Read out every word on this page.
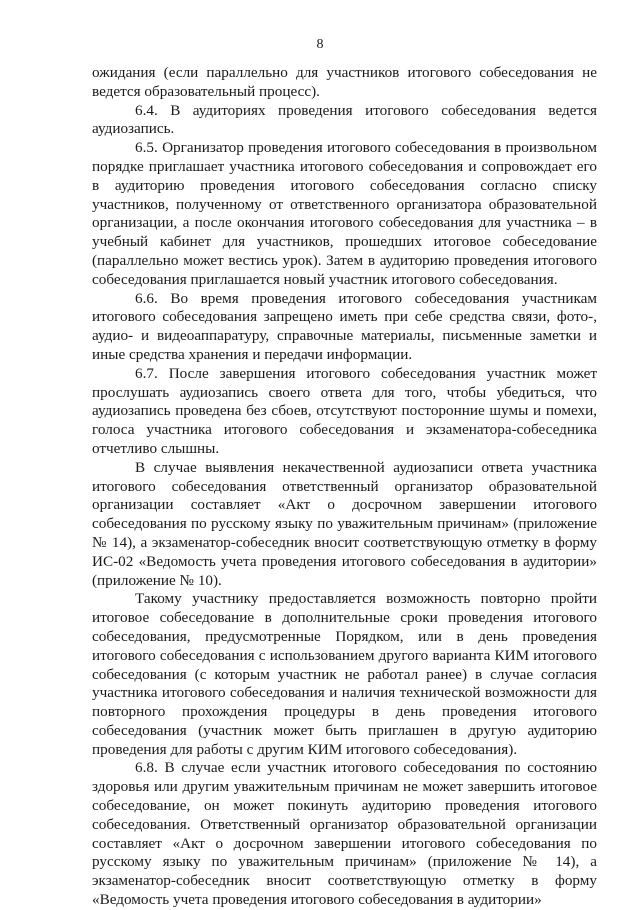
8

ожидания (если параллельно для участников итогового собеседования не ведется образовательный процесс).

6.4. В аудиториях проведения итогового собеседования ведется аудиозапись.

6.5. Организатор проведения итогового собеседования в произвольном порядке приглашает участника итогового собеседования и сопровождает его в аудиторию проведения итогового собеседования согласно списку участников, полученному от ответственного организатора образовательной организации, а после окончания итогового собеседования для участника – в учебный кабинет для участников, прошедших итоговое собеседование (параллельно может вестись урок). Затем в аудиторию проведения итогового собеседования приглашается новый участник итогового собеседования.

6.6. Во время проведения итогового собеседования участникам итогового собеседования запрещено иметь при себе средства связи, фото-, аудио- и видеоаппаратуру, справочные материалы, письменные заметки и иные средства хранения и передачи информации.

6.7. После завершения итогового собеседования участник может прослушать аудиозапись своего ответа для того, чтобы убедиться, что аудиозапись проведена без сбоев, отсутствуют посторонние шумы и помехи, голоса участника итогового собеседования и экзаменатора-собеседника отчетливо слышны.

В случае выявления некачественной аудиозаписи ответа участника итогового собеседования ответственный организатор образовательной организации составляет «Акт о досрочном завершении итогового собеседования по русскому языку по уважительным причинам» (приложение № 14), а экзаменатор-собеседник вносит соответствующую отметку в форму ИС-02 «Ведомость учета проведения итогового собеседования в аудитории» (приложение № 10).

Такому участнику предоставляется возможность повторно пройти итоговое собеседование в дополнительные сроки проведения итогового собеседования, предусмотренные Порядком, или в день проведения итогового собеседования с использованием другого варианта КИМ итогового собеседования (с которым участник не работал ранее) в случае согласия участника итогового собеседования и наличия технической возможности для повторного прохождения процедуры в день проведения итогового собеседования (участник может быть приглашен в другую аудиторию проведения для работы с другим КИМ итогового собеседования).

6.8. В случае если участник итогового собеседования по состоянию здоровья или другим уважительным причинам не может завершить итоговое собеседование, он может покинуть аудиторию проведения итогового собеседования. Ответственный организатор образовательной организации составляет «Акт о досрочном завершении итогового собеседования по русскому языку по уважительным причинам» (приложение № 14), а экзаменатор-собеседник вносит соответствующую отметку в форму «Ведомость учета проведения итогового собеседования в аудитории»
